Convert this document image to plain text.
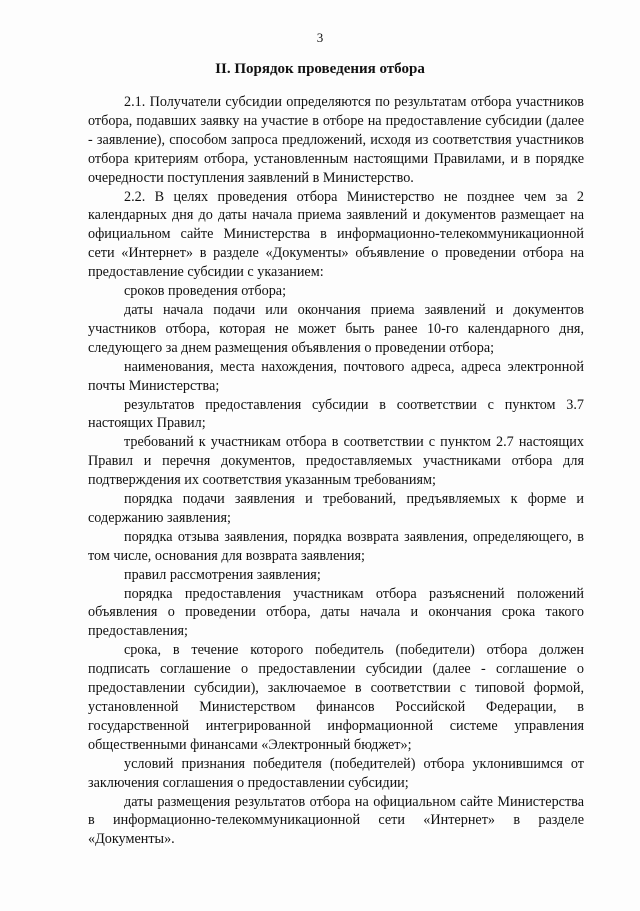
3
II. Порядок проведения отбора

2.1. Получатели субсидии определяются по результатам отбора участников отбора, подавших заявку на участие в отборе на предоставление субсидии (далее - заявление), способом запроса предложений, исходя из соответствия участников отбора критериям отбора, установленным настоящими Правилами, и в порядке очередности поступления заявлений в Министерство.

2.2. В целях проведения отбора Министерство не позднее чем за 2 календарных дня до даты начала приема заявлений и документов размещает на официальном сайте Министерства в информационно-телекоммуникационной сети «Интернет» в разделе «Документы» объявление о проведении отбора на предоставление субсидии с указанием:

сроков проведения отбора;

даты начала подачи или окончания приема заявлений и документов участников отбора, которая не может быть ранее 10-го календарного дня, следующего за днем размещения объявления о проведении отбора;

наименования, места нахождения, почтового адреса, адреса электронной почты Министерства;

результатов предоставления субсидии в соответствии с пунктом 3.7 настоящих Правил;

требований к участникам отбора в соответствии с пунктом 2.7 настоящих Правил и перечня документов, предоставляемых участниками отбора для подтверждения их соответствия указанным требованиям;

порядка подачи заявления и требований, предъявляемых к форме и содержанию заявления;

порядка отзыва заявления, порядка возврата заявления, определяющего, в том числе, основания для возврата заявления;

правил рассмотрения заявления;

порядка предоставления участникам отбора разъяснений положений объявления о проведении отбора, даты начала и окончания срока такого предоставления;

срока, в течение которого победитель (победители) отбора должен подписать соглашение о предоставлении субсидии (далее - соглашение о предоставлении субсидии), заключаемое в соответствии с типовой формой, установленной Министерством финансов Российской Федерации, в государственной интегрированной информационной системе управления общественными финансами «Электронный бюджет»;

условий признания победителя (победителей) отбора уклонившимся от заключения соглашения о предоставлении субсидии;

даты размещения результатов отбора на официальном сайте Министерства в информационно-телекоммуникационной сети «Интернет» в разделе «Документы».
